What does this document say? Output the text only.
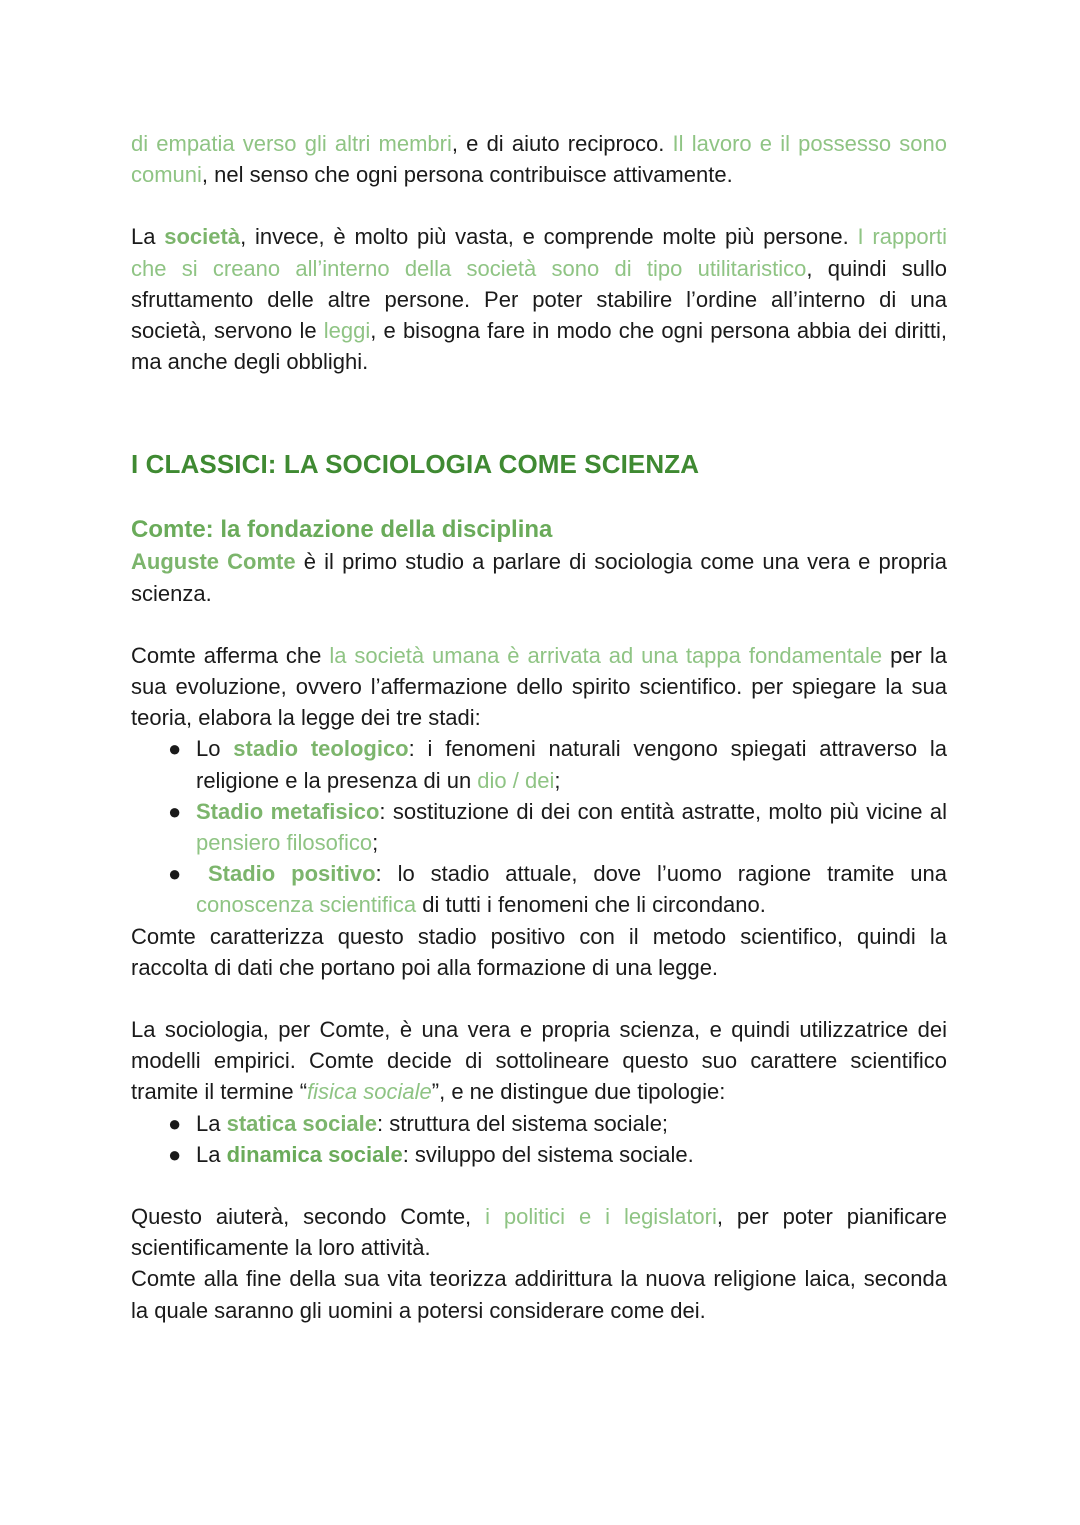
di empatia verso gli altri membri, e di aiuto reciproco. Il lavoro e il possesso sono comuni, nel senso che ogni persona contribuisce attivamente.

La società, invece, è molto più vasta, e comprende molte più persone. I rapporti che si creano all’interno della società sono di tipo utilitaristico, quindi sullo sfruttamento delle altre persone. Per poter stabilire l’ordine all’interno di una società, servono le leggi, e bisogna fare in modo che ogni persona abbia dei diritti, ma anche degli obblighi.

I CLASSICI: LA SOCIOLOGIA COME SCIENZA
Comte: la fondazione della disciplina

Auguste Comte è il primo studio a parlare di sociologia come una vera e propria scienza.

Comte afferma che la società umana è arrivata ad una tappa fondamentale per la sua evoluzione, ovvero l’affermazione dello spirito scientifico. per spiegare la sua teoria, elabora la legge dei tre stadi:

● Lo stadio teologico: i fenomeni naturali vengono spiegati attraverso la religione e la presenza di un dio / dei;
● Stadio metafisico: sostituzione di dei con entità astratte, molto più vicine al pensiero filosofico;
● Stadio positivo: lo stadio attuale, dove l’uomo ragione tramite una conoscenza scientifica di tutti i fenomeni che li circondano.

Comte caratterizza questo stadio positivo con il metodo scientifico, quindi la raccolta di dati che portano poi alla formazione di una legge.

La sociologia, per Comte, è una vera e propria scienza, e quindi utilizzatrice dei modelli empirici. Comte decide di sottolineare questo suo carattere scientifico tramite il termine “fisica sociale”, e ne distingue due tipologie:

● La statica sociale: struttura del sistema sociale;
● La dinamica sociale: sviluppo del sistema sociale.

Questo aiuterà, secondo Comte, i politici e i legislatori, per poter pianificare scientificamente la loro attività.

Comte alla fine della sua vita teorizza addirittura la nuova religione laica, seconda la quale saranno gli uomini a potersi considerare come dei.
